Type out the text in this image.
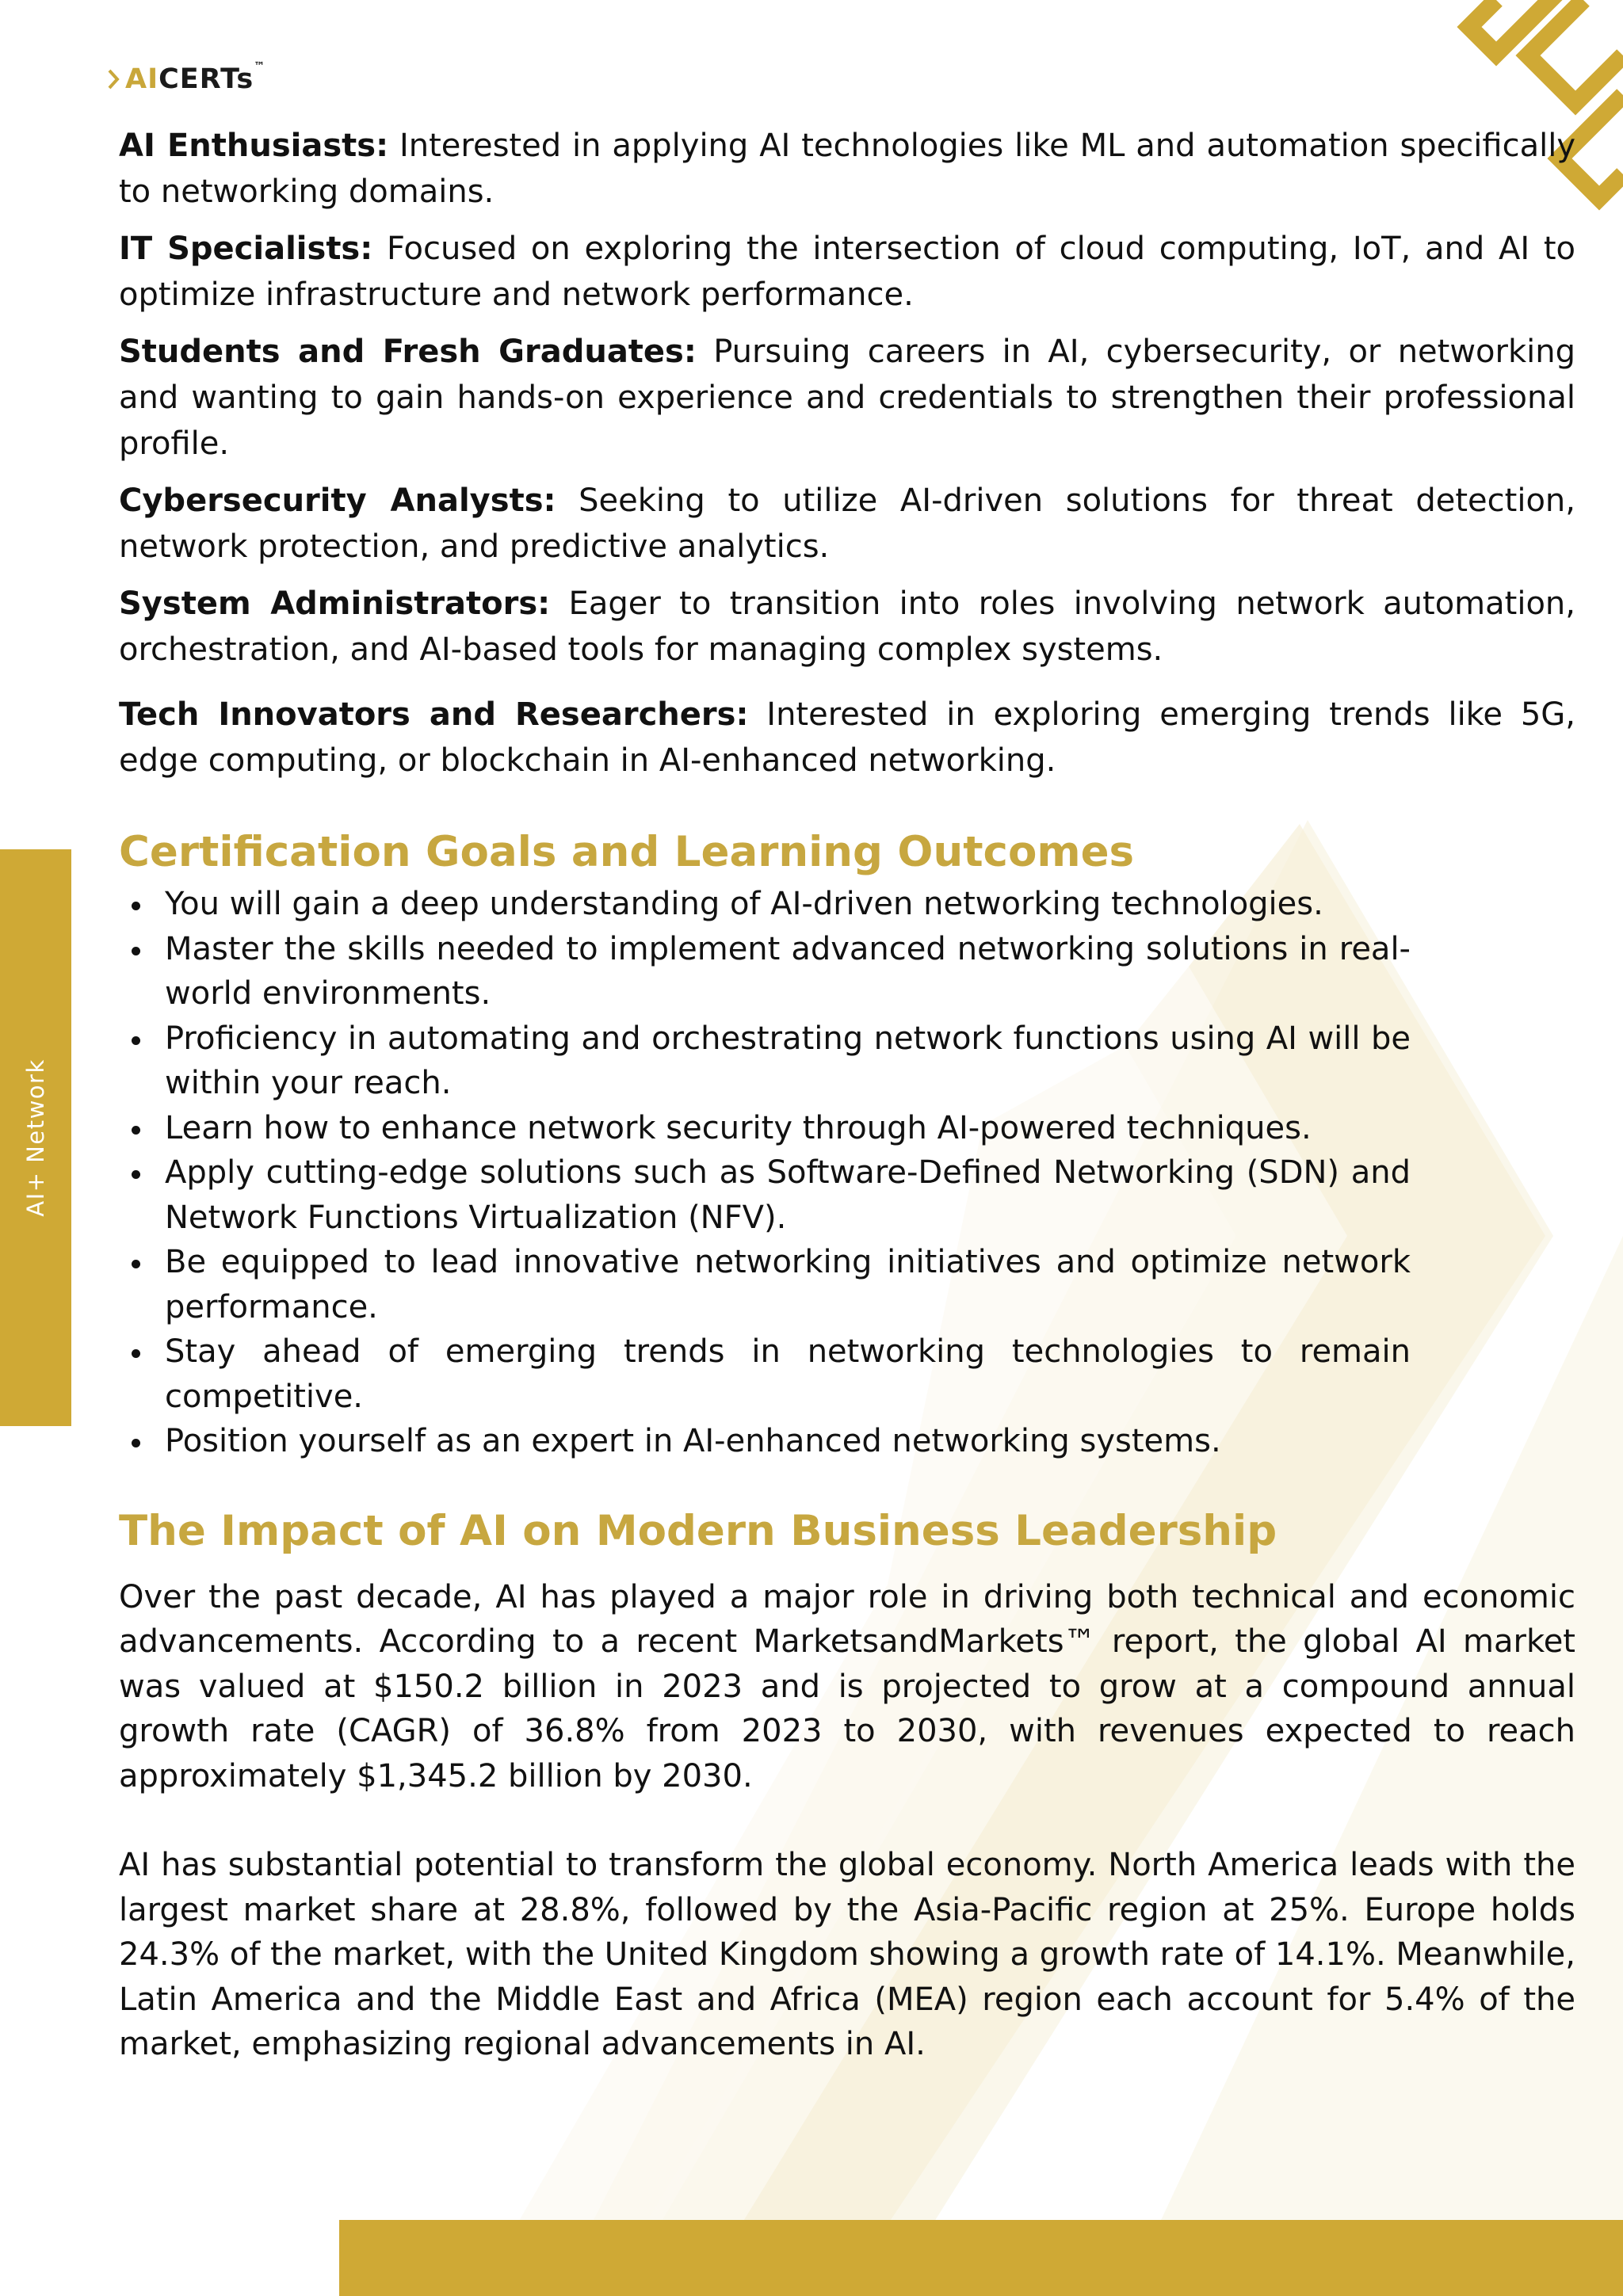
AICERTs™
AI+ Network

AI Enthusiasts: Interested in applying AI technologies like ML and automation specifically to networking domains.

IT Specialists: Focused on exploring the intersection of cloud computing, IoT, and AI to optimize infrastructure and network performance.

Students and Fresh Graduates: Pursuing careers in AI, cybersecurity, or networking and wanting to gain hands-on experience and credentials to strengthen their professional profile.

Cybersecurity Analysts: Seeking to utilize AI-driven solutions for threat detection, network protection, and predictive analytics.

System Administrators: Eager to transition into roles involving network automation, orchestration, and AI-based tools for managing complex systems.

Tech Innovators and Researchers: Interested in exploring emerging trends like 5G, edge computing, or blockchain in AI-enhanced networking.

Certification Goals and Learning Outcomes
You will gain a deep understanding of AI-driven networking technologies.
Master the skills needed to implement advanced networking solutions in real-world environments.
Proficiency in automating and orchestrating network functions using AI will be within your reach.
Learn how to enhance network security through AI-powered techniques.
Apply cutting-edge solutions such as Software-Defined Networking (SDN) and Network Functions Virtualization (NFV).
Be equipped to lead innovative networking initiatives and optimize network performance.
Stay ahead of emerging trends in networking technologies to remain competitive.
Position yourself as an expert in AI-enhanced networking systems.
The Impact of AI on Modern Business Leadership

Over the past decade, AI has played a major role in driving both technical and economic advancements. According to a recent MarketsandMarkets™ report, the global AI market was valued at $150.2 billion in 2023 and is projected to grow at a compound annual growth rate (CAGR) of 36.8% from 2023 to 2030, with revenues expected to reach approximately $1,345.2 billion by 2030.

AI has substantial potential to transform the global economy. North America leads with the largest market share at 28.8%, followed by the Asia-Pacific region at 25%. Europe holds 24.3% of the market, with the United Kingdom showing a growth rate of 14.1%. Meanwhile, Latin America and the Middle East and Africa (MEA) region each account for 5.4% of the market, emphasizing regional advancements in AI.
